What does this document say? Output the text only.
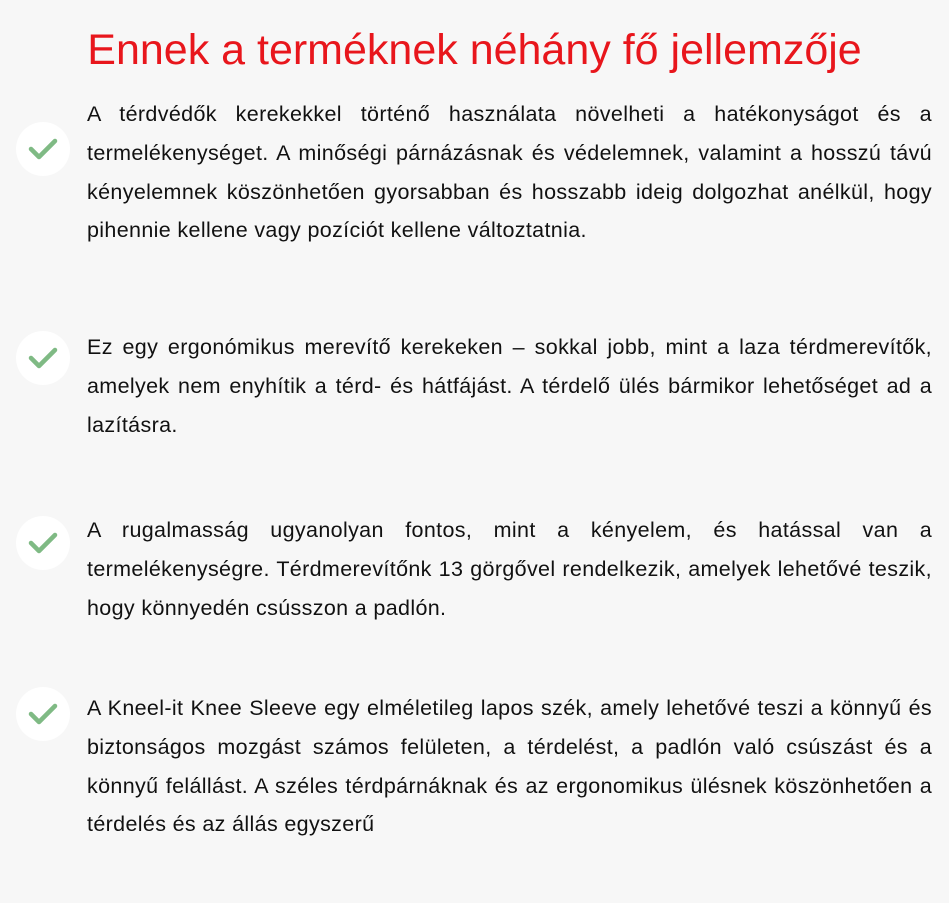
Ennek a terméknek néhány fő jellemzője

A térdvédők kerekekkel történő használata növelheti a hatékonyságot és a termelékenységet. A minőségi párnázásnak és védelemnek, valamint a hosszú távú kényelemnek köszönhetően gyorsabban és hosszabb ideig dolgozhat anélkül, hogy pihennie kellene vagy pozíciót kellene változtatnia.

Ez egy ergonómikus merevítő kerekeken – sokkal jobb, mint a laza térdmerevítők, amelyek nem enyhítik a térd- és hátfájást. A térdelő ülés bármikor lehetőséget ad a lazításra.

A rugalmasság ugyanolyan fontos, mint a kényelem, és hatással van a termelékenységre. Térdmerevítőnk 13 görgővel rendelkezik, amelyek lehetővé teszik, hogy könnyedén csússzon a padlón.

A Kneel-it Knee Sleeve egy elméletileg lapos szék, amely lehetővé teszi a könnyű és biztonságos mozgást számos felületen, a térdelést, a padlón való csúszást és a könnyű felállást. A széles térdpárnáknak és az ergonomikus ülésnek köszönhetően a térdelés és az állás egyszerű
